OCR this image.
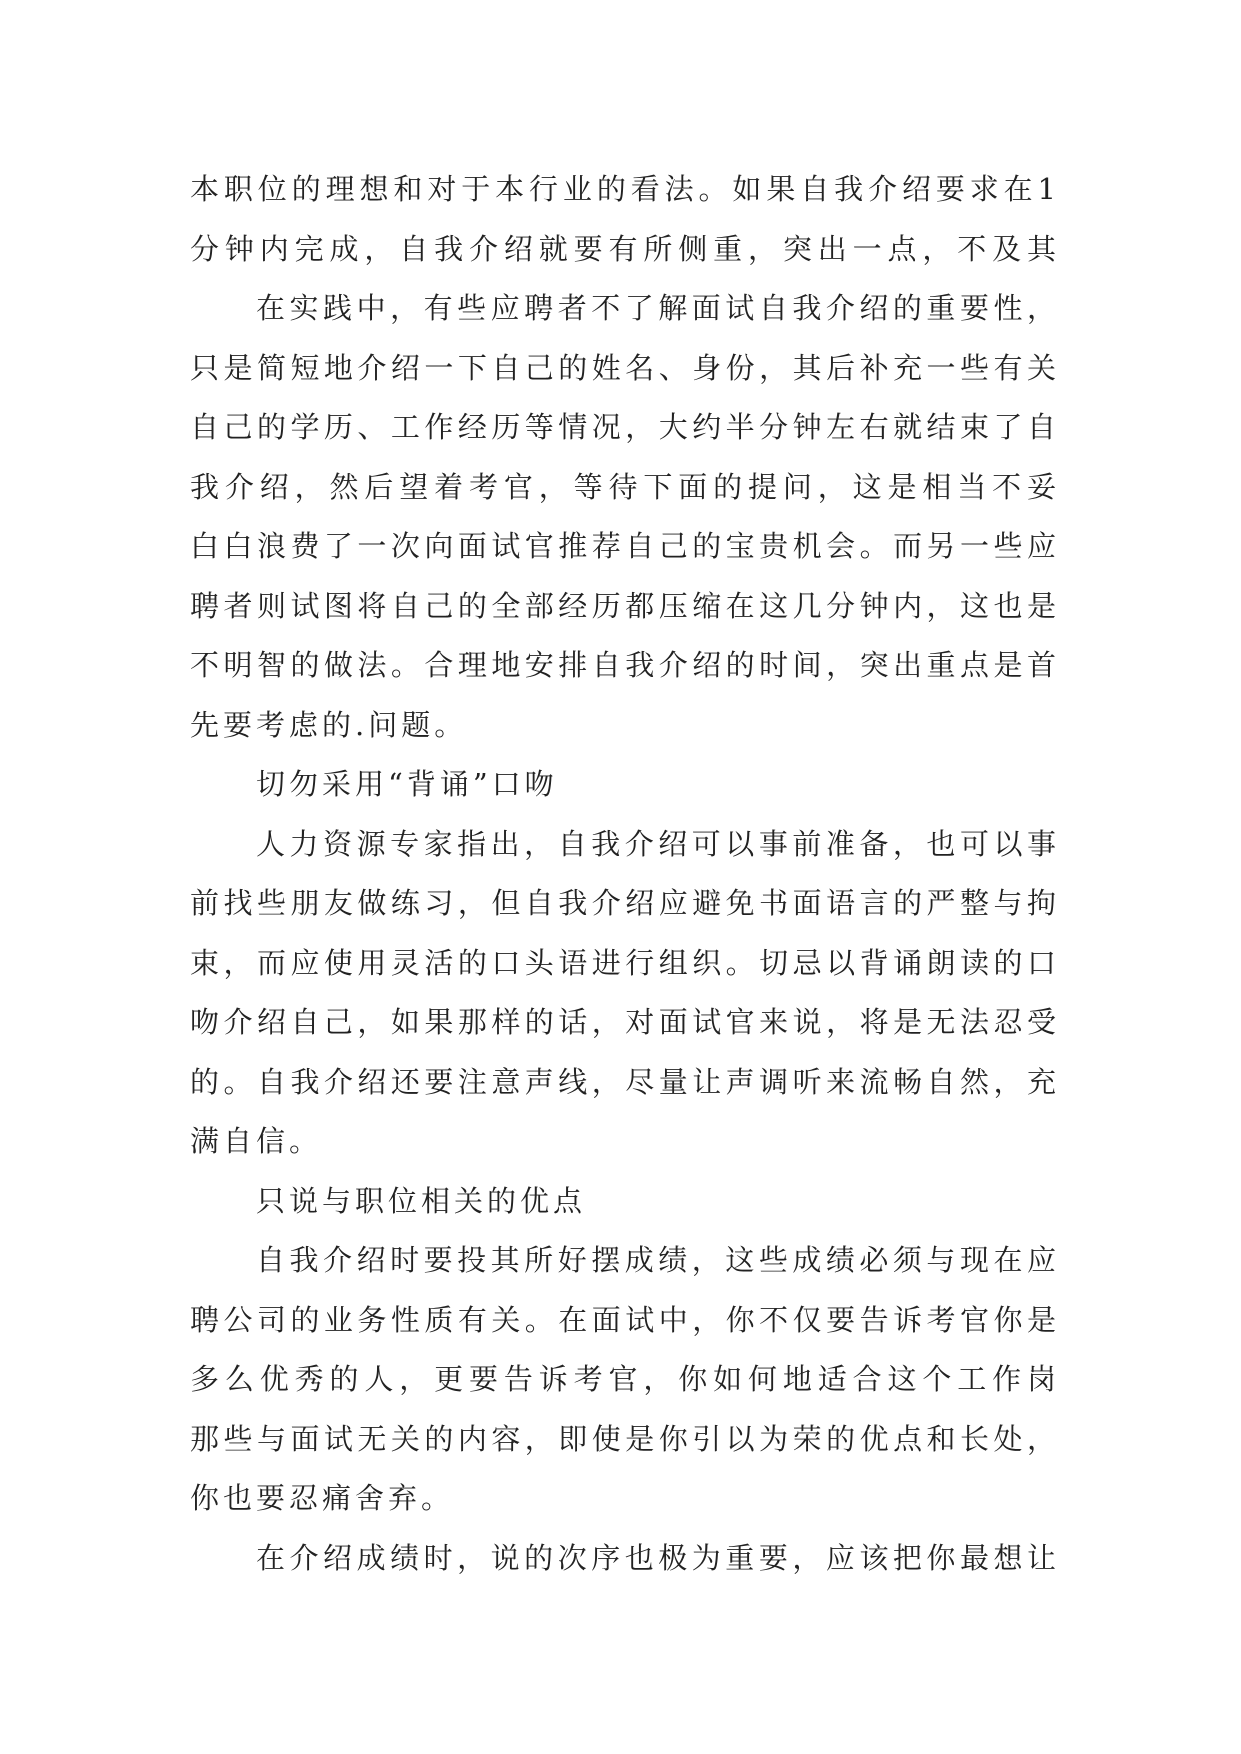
本职位的理想和对于本行业的看法。如果自我介绍要求在1
分钟内完成，自我介绍就要有所侧重，突出一点，不及其
在实践中，有些应聘者不了解面试自我介绍的重要性，
只是简短地介绍一下自己的姓名、身份，其后补充一些有关
自己的学历、工作经历等情况，大约半分钟左右就结束了自
我介绍，然后望着考官，等待下面的提问，这是相当不妥
白白浪费了一次向面试官推荐自己的宝贵机会。而另一些应
聘者则试图将自己的全部经历都压缩在这几分钟内，这也是
不明智的做法。合理地安排自我介绍的时间，突出重点是首
先要考虑的.问题。
切勿采用“背诵”口吻
人力资源专家指出，自我介绍可以事前准备，也可以事
前找些朋友做练习，但自我介绍应避免书面语言的严整与拘
束，而应使用灵活的口头语进行组织。切忌以背诵朗读的口
吻介绍自己，如果那样的话，对面试官来说，将是无法忍受
的。自我介绍还要注意声线，尽量让声调听来流畅自然，充
满自信。
只说与职位相关的优点
自我介绍时要投其所好摆成绩，这些成绩必须与现在应
聘公司的业务性质有关。在面试中，你不仅要告诉考官你是
多么优秀的人，更要告诉考官，你如何地适合这个工作岗
那些与面试无关的内容，即使是你引以为荣的优点和长处，
你也要忍痛舍弃。
在介绍成绩时，说的次序也极为重要，应该把你最想让
